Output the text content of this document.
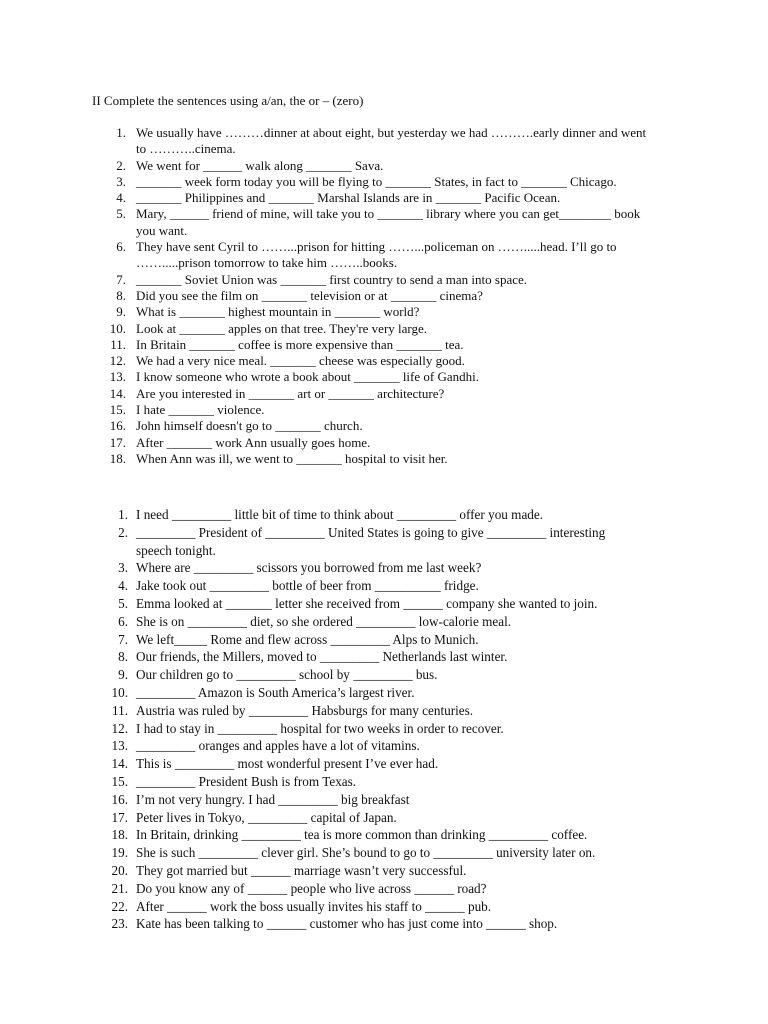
II Complete the sentences using a/an, the or – (zero)
1. We usually have ………dinner at about eight, but yesterday we had ……….early dinner and went
to ………..cinema.
2. We went for ______ walk along _______ Sava.
3. _______ week form today you will be flying to _______ States, in fact to _______ Chicago.
4. _______ Philippines and _______ Marshal Islands are in _______ Pacific Ocean.
5. Mary, ______ friend of mine, will take you to _______ library where you can get________ book
you want.
6. They have sent Cyril to ……...prison for hitting ……...policeman on …….....head. I’ll go to
…….....prison tomorrow to take him ……..books.
7. _______ Soviet Union was _______ first country to send a man into space.
8. Did you see the film on _______ television or at _______ cinema?
9. What is _______ highest mountain in _______ world?
10. Look at _______ apples on that tree. They're very large.
11. In Britain _______ coffee is more expensive than _______ tea.
12. We had a very nice meal. _______ cheese was especially good.
13. I know someone who wrote a book about _______ life of Gandhi.
14. Are you interested in _______ art or _______ architecture?
15. I hate _______ violence.
16. John himself doesn't go to _______ church.
17. After _______ work Ann usually goes home.
18. When Ann was ill, we went to _______ hospital to visit her.
1. I need _________ little bit of time to think about _________ offer you made.
2. _________ President of _________ United States is going to give _________ interesting
speech tonight.
3. Where are _________ scissors you borrowed from me last week?
4. Jake took out _________ bottle of beer from __________ fridge.
5. Emma looked at _______ letter she received from ______ company she wanted to join.
6. She is on _________ diet, so she ordered _________ low-calorie meal.
7. We left_____ Rome and flew across _________ Alps to Munich.
8. Our friends, the Millers, moved to _________ Netherlands last winter.
9. Our children go to _________ school by _________ bus.
10. _________ Amazon is South America’s largest river.
11. Austria was ruled by _________ Habsburgs for many centuries.
12. I had to stay in _________ hospital for two weeks in order to recover.
13. _________ oranges and apples have a lot of vitamins.
14. This is _________ most wonderful present I’ve ever had.
15. _________ President Bush is from Texas.
16. I’m not very hungry. I had _________ big breakfast
17. Peter lives in Tokyo, _________ capital of Japan.
18. In Britain, drinking _________ tea is more common than drinking _________ coffee.
19. She is such _________ clever girl. She’s bound to go to _________ university later on.
20. They got married but ______ marriage wasn’t very successful.
21. Do you know any of ______ people who live across ______ road?
22. After ______ work the boss usually invites his staff to ______ pub.
23. Kate has been talking to ______ customer who has just come into ______ shop.
